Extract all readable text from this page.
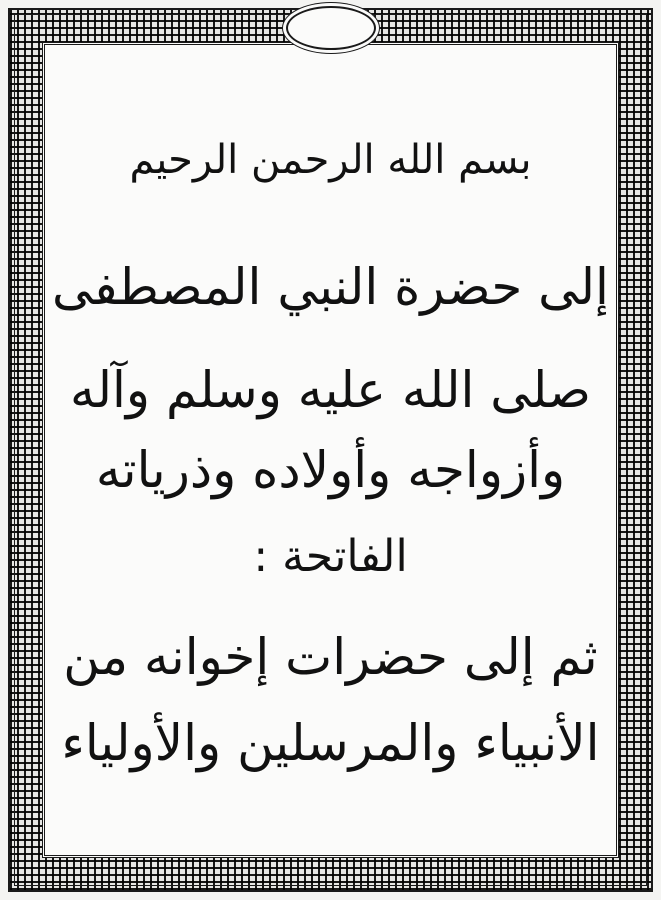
بسم الله الرحمن الرحيم
إلى حضرة النبي المصطفى
صلى الله عليه وسلم وآله
وأزواجه وأولاده وذرياته
الفاتحة :
ثم إلى حضرات إخوانه من
الأنبياء والمرسلين والأولياء
